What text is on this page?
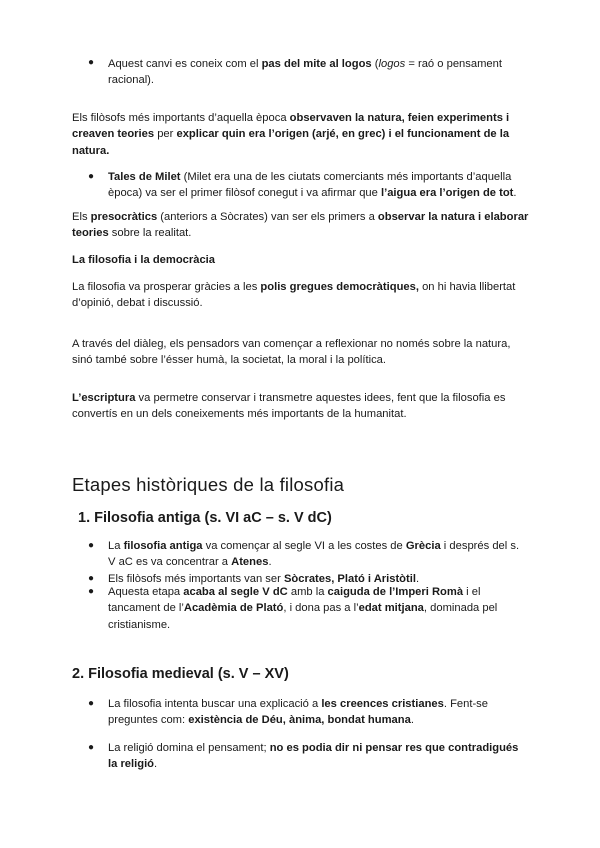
●	Aquest canvi es coneix com el pas del mite al logos (logos = raó o pensament racional).

Els filòsofs més importants d’aquella època observaven la natura, feien experiments i creaven teories per explicar quin era l’origen (arjé, en grec) i el funcionament de la natura.

●	Tales de Milet (Milet era una de les ciutats comerciants més importants d’aquella època) va ser el primer filòsof conegut i va afirmar que l’aigua era l’origen de tot.

Els presocràtics (anteriors a Sòcrates) van ser els primers a observar la natura i elaborar teories sobre la realitat.

La filosofia i la democràcia

La filosofia va prosperar gràcies a les polis gregues democràtiques, on hi havia llibertat d’opinió, debat i discussió.

A través del diàleg, els pensadors van començar a reflexionar no només sobre la natura, sinó també sobre l’ésser humà, la societat, la moral i la política.

L’escriptura va permetre conservar i transmetre aquestes idees, fent que la filosofia es convertís en un dels coneixements més importants de la humanitat.

Etapes històriques de la filosofia

1. Filosofia antiga (s. VI aC – s. V dC)

●	La filosofia antiga va començar al segle VI a les costes de Grècia i després del s. V aC es va concentrar a Atenes.

●	Els filòsofs més importants van ser Sòcrates, Plató i Aristòtil.

●	Aquesta etapa acaba al segle V dC amb la caiguda de l’Imperi Romà i el tancament de l’Acadèmia de Plató, i dona pas a l’edat mitjana, dominada pel cristianisme.

2. Filosofia medieval (s. V – XV)

●	La filosofia intenta buscar una explicació a les creences cristianes. Fent-se preguntes com: existència de Déu, ànima, bondat humana.

●	La religió domina el pensament; no es podia dir ni pensar res que contradigués la religió.
